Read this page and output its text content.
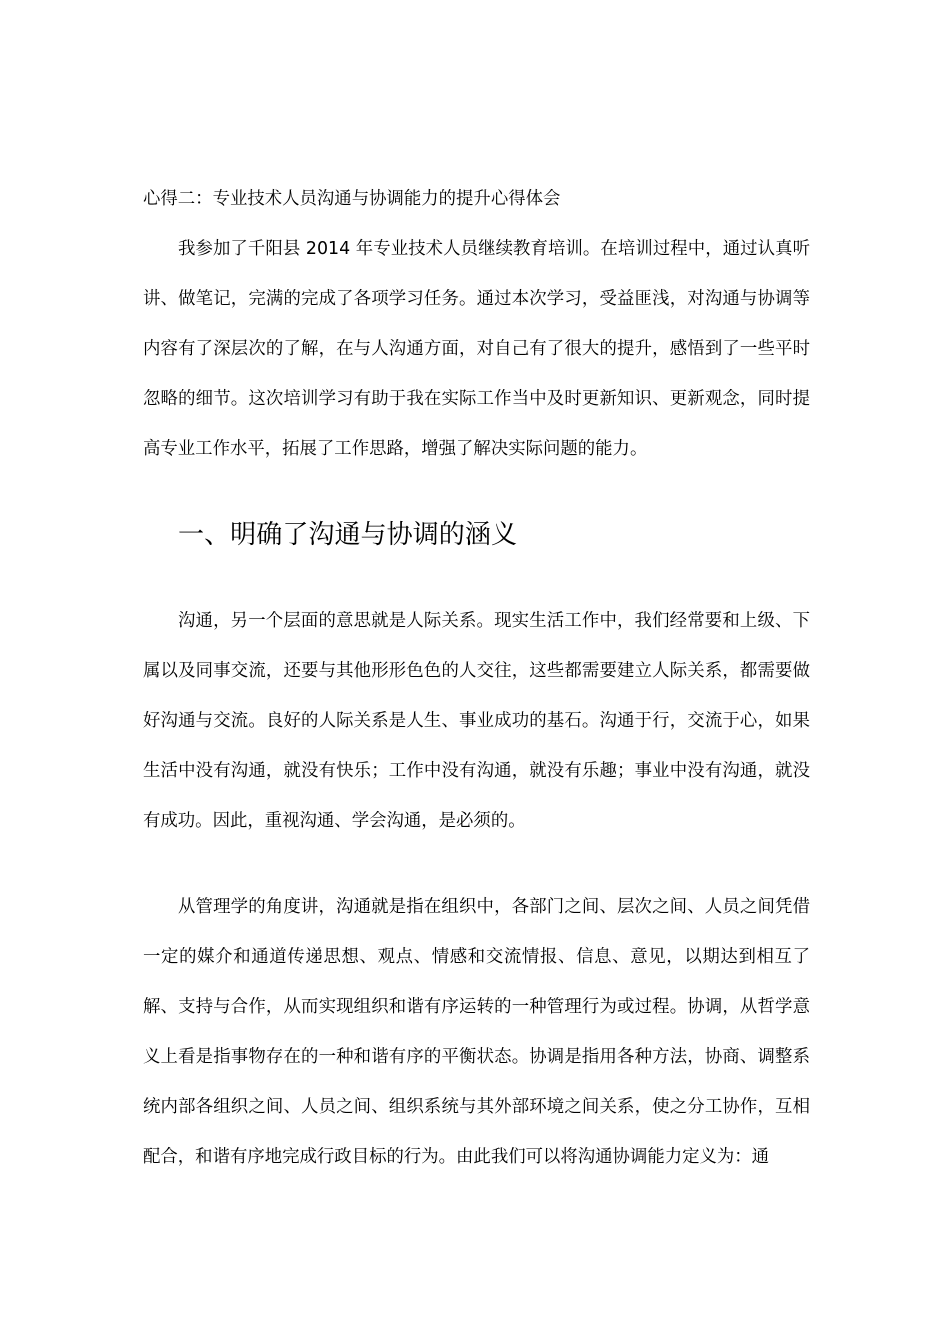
心得二：专业技术人员沟通与协调能力的提升心得体会

我参加了千阳县 2014 年专业技术人员继续教育培训。在培训过程中，通过认真听讲、做笔记，完满的完成了各项学习任务。通过本次学习，受益匪浅，对沟通与协调等内容有了深层次的了解，在与人沟通方面，对自己有了很大的提升，感悟到了一些平时忽略的细节。这次培训学习有助于我在实际工作当中及时更新知识、更新观念，同时提高专业工作水平，拓展了工作思路，增强了解决实际问题的能力。

一、明确了沟通与协调的涵义

沟通，另一个层面的意思就是人际关系。现实生活工作中，我们经常要和上级、下属以及同事交流，还要与其他形形色色的人交往，这些都需要建立人际关系，都需要做好沟通与交流。良好的人际关系是人生、事业成功的基石。沟通于行，交流于心，如果生活中没有沟通，就没有快乐；工作中没有沟通，就没有乐趣；事业中没有沟通，就没有成功。因此，重视沟通、学会沟通，是必须的。

从管理学的角度讲，沟通就是指在组织中，各部门之间、层次之间、人员之间凭借一定的媒介和通道传递思想、观点、情感和交流情报、信息、意见，以期达到相互了解、支持与合作，从而实现组织和谐有序运转的一种管理行为或过程。协调，从哲学意义上看是指事物存在的一种和谐有序的平衡状态。协调是指用各种方法，协商、调整系统内部各组织之间、人员之间、组织系统与其外部环境之间关系，使之分工协作，互相配合，和谐有序地完成行政目标的行为。由此我们可以将沟通协调能力定义为：通
